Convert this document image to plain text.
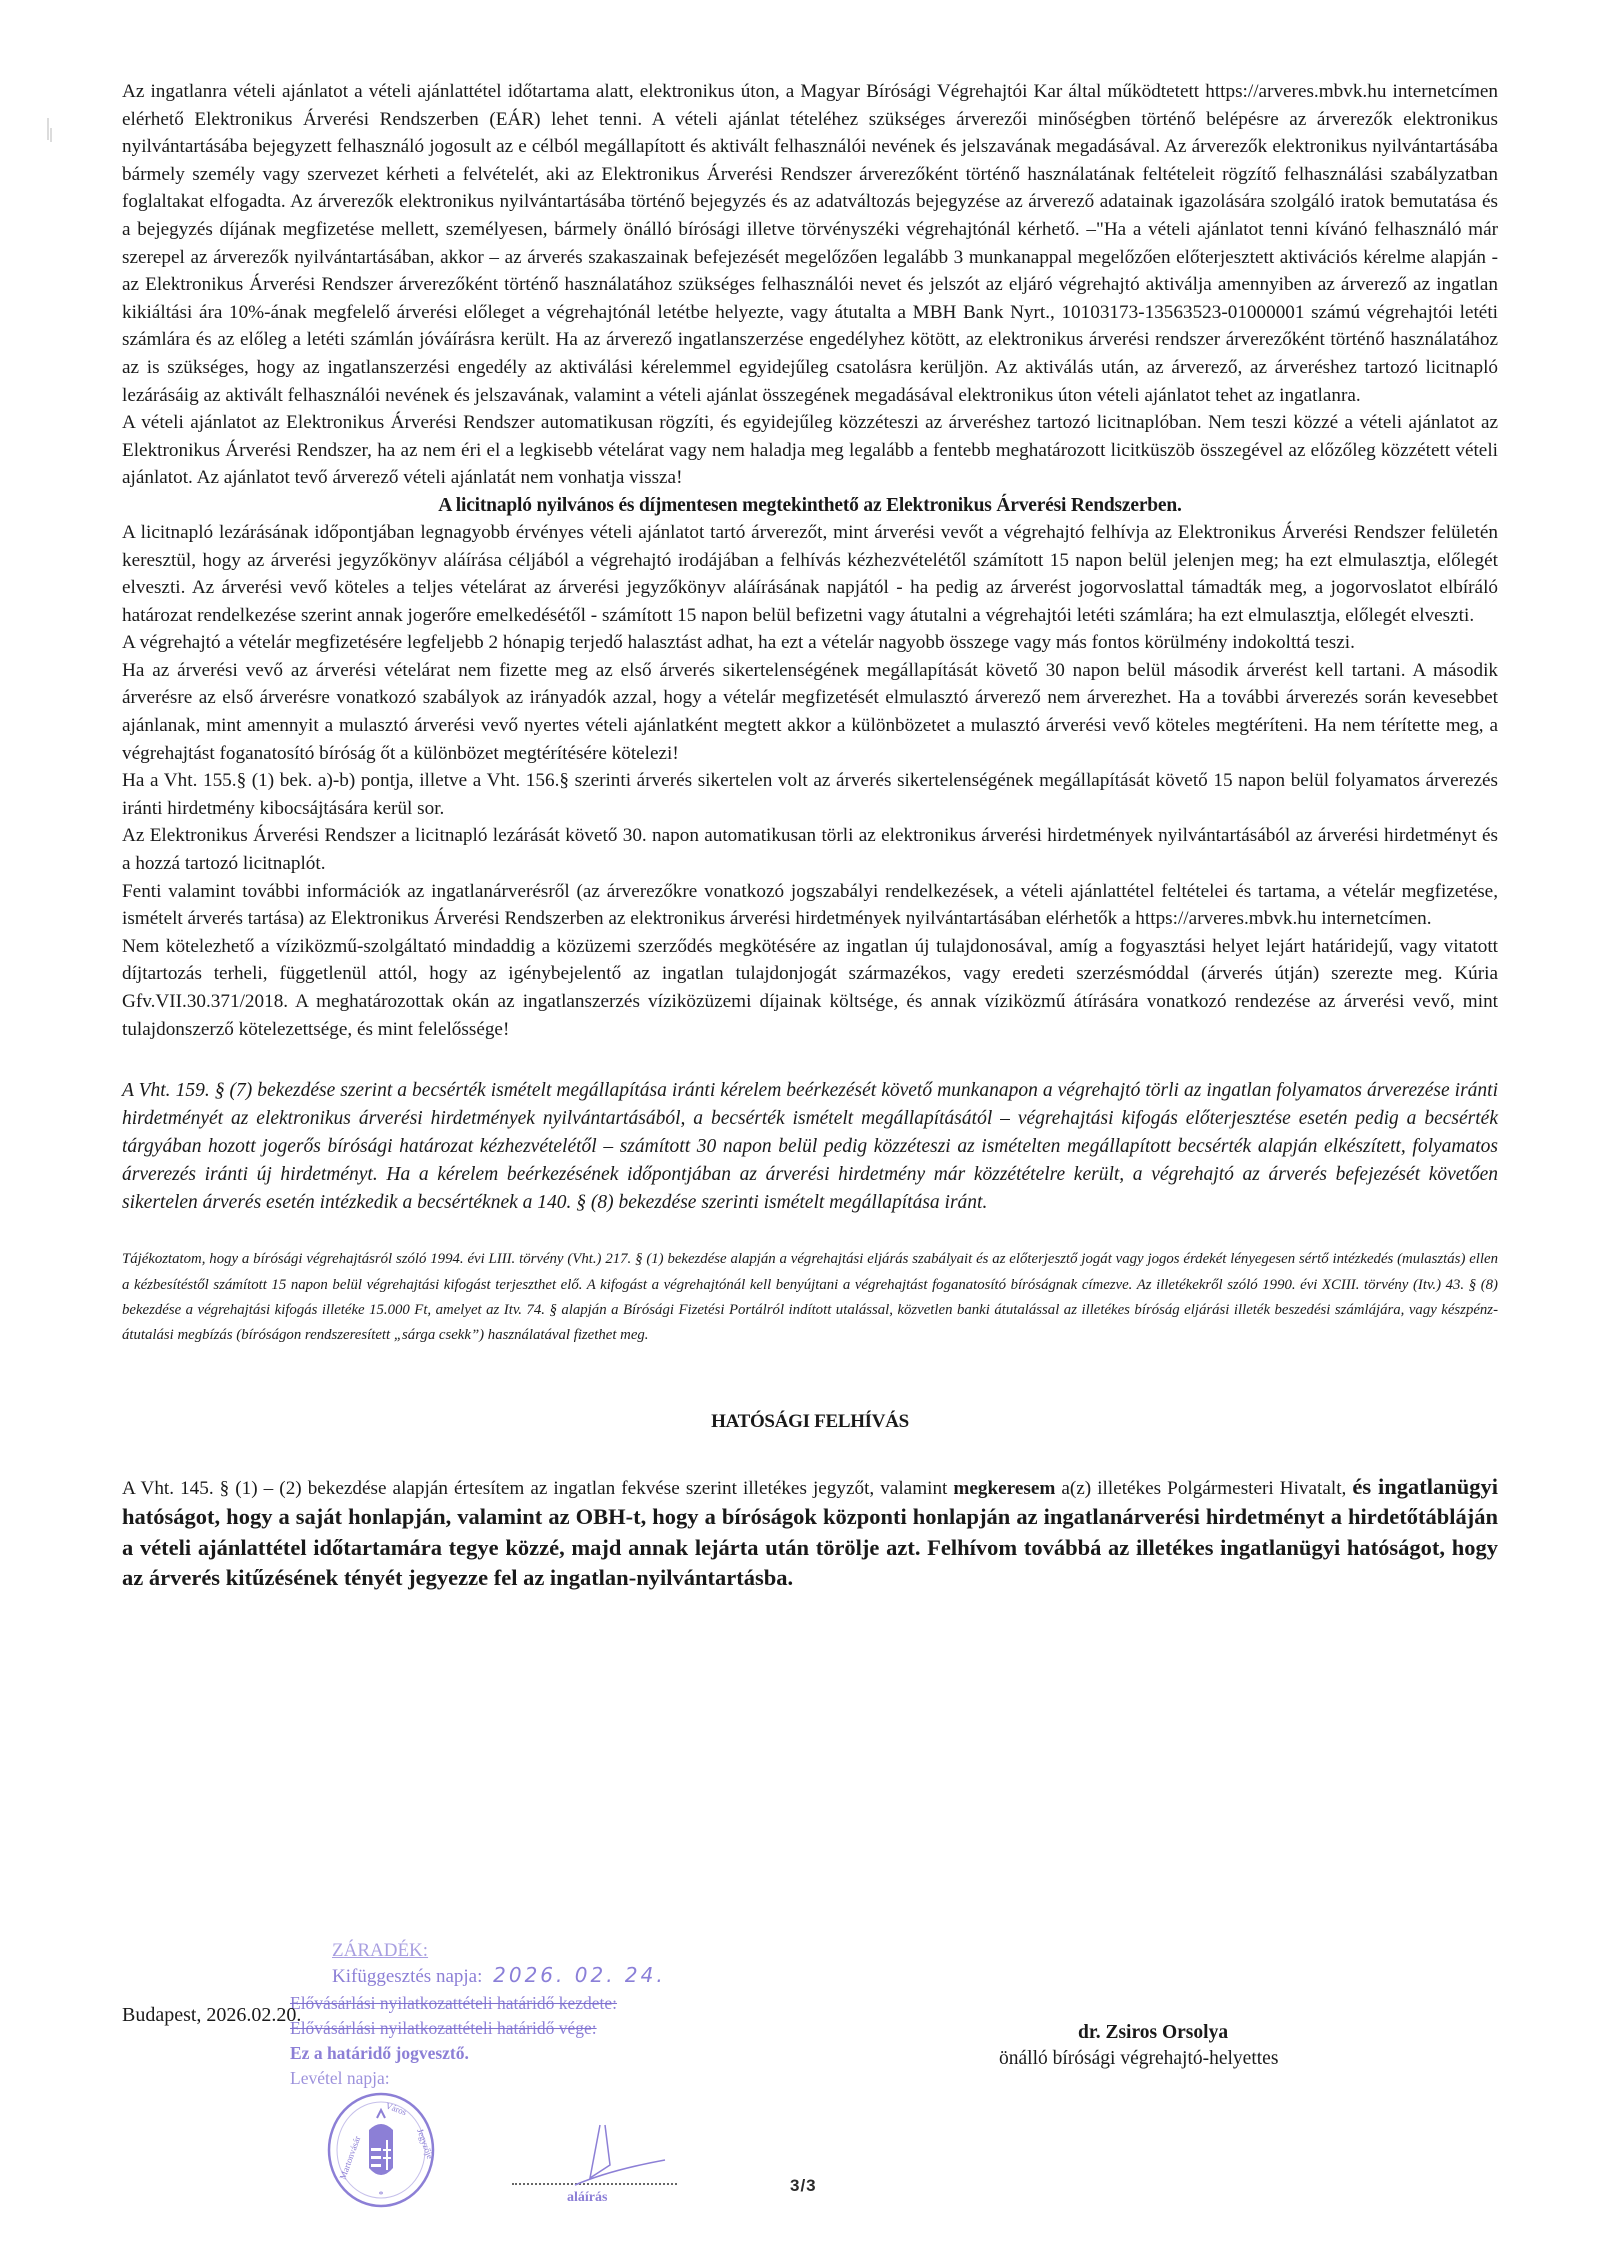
Az ingatlanra vételi ajánlatot a vételi ajánlattétel időtartama alatt, elektronikus úton, a Magyar Bírósági Végrehajtói Kar által működtetett https://arveres.mbvk.hu internetcímen elérhető Elektronikus Árverési Rendszerben (EÁR) lehet tenni. A vételi ajánlat tételéhez szükséges árverezői minőségben történő belépésre az árverezők elektronikus nyilvántartásába bejegyzett felhasználó jogosult az e célból megállapított és aktivált felhasználói nevének és jelszavának megadásával. Az árverezők elektronikus nyilvántartásába bármely személy vagy szervezet kérheti a felvételét, aki az Elektronikus Árverési Rendszer árverezőként történő használatának feltételeit rögzítő felhasználási szabályzatban foglaltakat elfogadta. Az árverezők elektronikus nyilvántartásába történő bejegyzés és az adatváltozás bejegyzése az árverező adatainak igazolására szolgáló iratok bemutatása és a bejegyzés díjának megfizetése mellett, személyesen, bármely önálló bírósági illetve törvényszéki végrehajtónál kérhető. –"Ha a vételi ajánlatot tenni kívánó felhasználó már szerepel az árverezők nyilvántartásában, akkor – az árverés szakaszainak befejezését megelőzően legalább 3 munkanappal megelőzően előterjesztett aktivációs kérelme alapján - az Elektronikus Árverési Rendszer árverezőként történő használatához szükséges felhasználói nevet és jelszót az eljáró végrehajtó aktiválja amennyiben az árverező az ingatlan kikiáltási ára 10%-ának megfelelő árverési előleget a végrehajtónál letétbe helyezte, vagy átutalta a MBH Bank Nyrt., 10103173-13563523-01000001 számú végrehajtói letéti számlára és az előleg a letéti számlán jóváírásra került. Ha az árverező ingatlanszerzése engedélyhez kötött, az elektronikus árverési rendszer árverezőként történő használatához az is szükséges, hogy az ingatlanszerzési engedély az aktiválási kérelemmel egyidejűleg csatolásra kerüljön. Az aktiválás után, az árverező, az árveréshez tartozó licitnapló lezárásáig az aktivált felhasználói nevének és jelszavának, valamint a vételi ajánlat összegének megadásával elektronikus úton vételi ajánlatot tehet az ingatlanra.

A vételi ajánlatot az Elektronikus Árverési Rendszer automatikusan rögzíti, és egyidejűleg közzéteszi az árveréshez tartozó licitnaplóban. Nem teszi közzé a vételi ajánlatot az Elektronikus Árverési Rendszer, ha az nem éri el a legkisebb vételárat vagy nem haladja meg legalább a fentebb meghatározott licitküszöb összegével az előzőleg közzétett vételi ajánlatot. Az ajánlatot tevő árverező vételi ajánlatát nem vonhatja vissza!

A licitnapló nyilvános és díjmentesen megtekinthető az Elektronikus Árverési Rendszerben.

A licitnapló lezárásának időpontjában legnagyobb érvényes vételi ajánlatot tartó árverezőt, mint árverési vevőt a végrehajtó felhívja az Elektronikus Árverési Rendszer felületén keresztül, hogy az árverési jegyzőkönyv aláírása céljából a végrehajtó irodájában a felhívás kézhezvételétől számított 15 napon belül jelenjen meg; ha ezt elmulasztja, előlegét elveszti. Az árverési vevő köteles a teljes vételárat az árverési jegyzőkönyv aláírásának napjától - ha pedig az árverést jogorvoslattal támadták meg, a jogorvoslatot elbíráló határozat rendelkezése szerint annak jogerőre emelkedésétől - számított 15 napon belül befizetni vagy átutalni a végrehajtói letéti számlára; ha ezt elmulasztja, előlegét elveszti.

A végrehajtó a vételár megfizetésére legfeljebb 2 hónapig terjedő halasztást adhat, ha ezt a vételár nagyobb összege vagy más fontos körülmény indokolttá teszi.

Ha az árverési vevő az árverési vételárat nem fizette meg az első árverés sikertelenségének megállapítását követő 30 napon belül második árverést kell tartani. A második árverésre az első árverésre vonatkozó szabályok az irányadók azzal, hogy a vételár megfizetését elmulasztó árverező nem árverezhet. Ha a további árverezés során kevesebbet ajánlanak, mint amennyit a mulasztó árverési vevő nyertes vételi ajánlatként megtett akkor a különbözetet a mulasztó árverési vevő köteles megtéríteni. Ha nem térítette meg, a végrehajtást foganatosító bíróság őt a különbözet megtérítésére kötelezi!

Ha a Vht. 155.§ (1) bek. a)-b) pontja, illetve a Vht. 156.§ szerinti árverés sikertelen volt az árverés sikertelenségének megállapítását követő 15 napon belül folyamatos árverezés iránti hirdetmény kibocsájtására kerül sor.

Az Elektronikus Árverési Rendszer a licitnapló lezárását követő 30. napon automatikusan törli az elektronikus árverési hirdetmények nyilvántartásából az árverési hirdetményt és a hozzá tartozó licitnaplót.

Fenti valamint további információk az ingatlanárverésről (az árverezőkre vonatkozó jogszabályi rendelkezések, a vételi ajánlattétel feltételei és tartama, a vételár megfizetése, ismételt árverés tartása) az Elektronikus Árverési Rendszerben az elektronikus árverési hirdetmények nyilvántartásában elérhetők a https://arveres.mbvk.hu internetcímen.

Nem kötelezhető a víziközmű-szolgáltató mindaddig a közüzemi szerződés megkötésére az ingatlan új tulajdonosával, amíg a fogyasztási helyet lejárt határidejű, vagy vitatott díjtartozás terheli, függetlenül attól, hogy az igénybejelentő az ingatlan tulajdonjogát származékos, vagy eredeti szerzésmóddal (árverés útján) szerezte meg. Kúria Gfv.VII.30.371/2018. A meghatározottak okán az ingatlanszerzés víziközüzemi díjainak költsége, és annak víziközmű átírására vonatkozó rendezése az árverési vevő, mint tulajdonszerző kötelezettsége, és mint felelőssége!

A Vht. 159. § (7) bekezdése szerint a becsérték ismételt megállapítása iránti kérelem beérkezését követő munkanapon a végrehajtó törli az ingatlan folyamatos árverezése iránti hirdetményét az elektronikus árverési hirdetmények nyilvántartásából, a becsérték ismételt megállapításától – végrehajtási kifogás előterjesztése esetén pedig a becsérték tárgyában hozott jogerős bírósági határozat kézhezvételétől – számított 30 napon belül pedig közzéteszi az ismételten megállapított becsérték alapján elkészített, folyamatos árverezés iránti új hirdetményt. Ha a kérelem beérkezésének időpontjában az árverési hirdetmény már közzétételre került, a végrehajtó az árverés befejezését követően sikertelen árverés esetén intézkedik a becsértéknek a 140. § (8) bekezdése szerinti ismételt megállapítása iránt.

Tájékoztatom, hogy a bírósági végrehajtásról szóló 1994. évi LIII. törvény (Vht.) 217. § (1) bekezdése alapján a végrehajtási eljárás szabályait és az előterjesztő jogát vagy jogos érdekét lényegesen sértő intézkedés (mulasztás) ellen a kézbesítéstől számított 15 napon belül végrehajtási kifogást terjeszthet elő. A kifogást a végrehajtónál kell benyújtani a végrehajtást foganatosító bíróságnak címezve. Az illetékekről szóló 1990. évi XCIII. törvény (Itv.) 43. § (8) bekezdése a végrehajtási kifogás illetéke 15.000 Ft, amelyet az Itv. 74. § alapján a Bírósági Fizetési Portálról indított utalással, közvetlen banki átutalással az illetékes bíróság eljárási illeték beszedési számlájára, vagy készpénz-átutalási megbízás (bíróságon rendszeresített „sárga csekk”) használatával fizethet meg.

HATÓSÁGI FELHÍVÁS

A Vht. 145. § (1) – (2) bekezdése alapján értesítem az ingatlan fekvése szerint illetékes jegyzőt, valamint megkeresem a(z) illetékes Polgármesteri Hivatalt, és ingatlanügyi hatóságot, hogy a saját honlapján, valamint az OBH-t, hogy a bíróságok központi honlapján az ingatlanárverési hirdetményt a hirdetőtábláján a vételi ajánlattétel időtartamára tegye közzé, majd annak lejárta után törölje azt. Felhívom továbbá az illetékes ingatlanügyi hatóságot, hogy az árverés kitűzésének tényét jegyezze fel az ingatlan-nyilvántartásba.

ZÁRADÉK:
Kifüggesztés napja: 2026. 02. 24.
Elővásárlási nyilatkozattételi határidő kezdete:
Elővásárlási nyilatkozattételi határidő vége:
Ez a határidő jogvesztő.
Levétel napja:
Budapest, 2026.02.20.
*
Martonvásár
Város
Jegyzője
aláírás
3/3
dr. Zsiros Orsolya
önálló bírósági végrehajtó-helyettes
